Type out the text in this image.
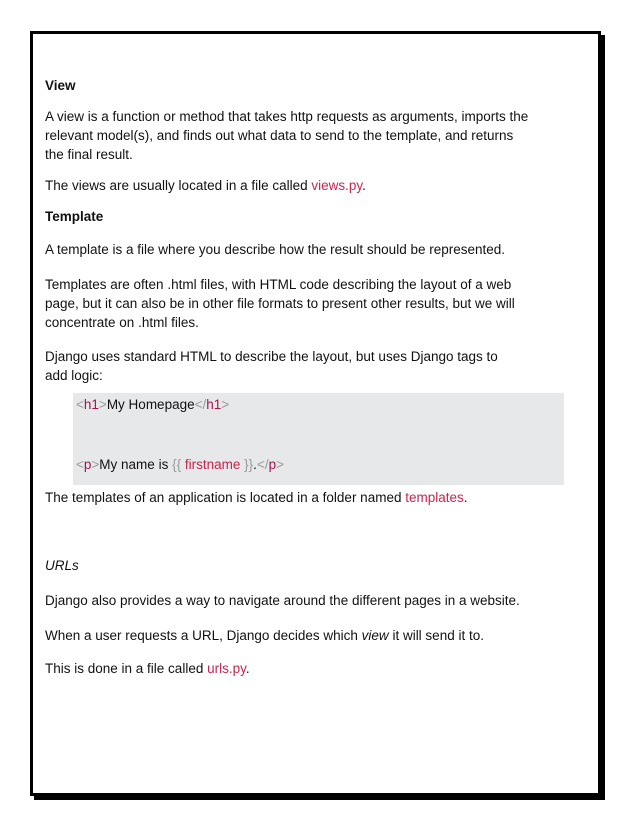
View

A view is a function or method that takes http requests as arguments, imports the relevant model(s), and finds out what data to send to the template, and returns the final result.

The views are usually located in a file called views.py.

Template

A template is a file where you describe how the result should be represented.

Templates are often .html files, with HTML code describing the layout of a web page, but it can also be in other file formats to present other results, but we will concentrate on .html files.

Django uses standard HTML to describe the layout, but uses Django tags to add logic:

The templates of an application is located in a folder named templates.

URLs

Django also provides a way to navigate around the different pages in a website.

When a user requests a URL, Django decides which view it will send it to.

This is done in a file called urls.py.

<h1>My Homepage</h1>
<p>My name is {{ firstname }}.</p>
